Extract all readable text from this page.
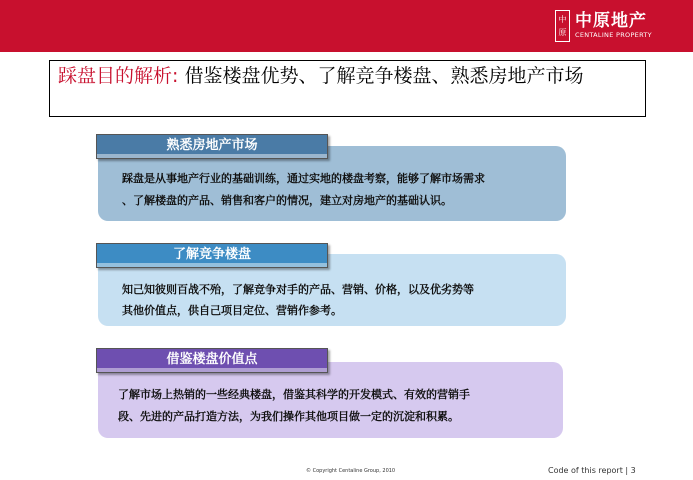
中
原
中原地产
CENTALINE PROPERTY
踩盘目的解析: 借鉴楼盘优势、了解竞争楼盘、熟悉房地产市场
踩盘是从事地产行业的基础训练，通过实地的楼盘考察，能够了解市场需求
、了解楼盘的产品、销售和客户的情况，建立对房地产的基础认识。
熟悉房地产市场
知己知彼则百战不殆，了解竞争对手的产品、营销、价格，以及优劣势等
其他价值点，供自己项目定位、营销作参考。
了解竞争楼盘
了解市场上热销的一些经典楼盘，借鉴其科学的开发模式、有效的营销手
段、先进的产品打造方法，为我们操作其他项目做一定的沉淀和积累。
借鉴楼盘价值点
© Copyright Centaline Group, 2010	Code of this report | 3
